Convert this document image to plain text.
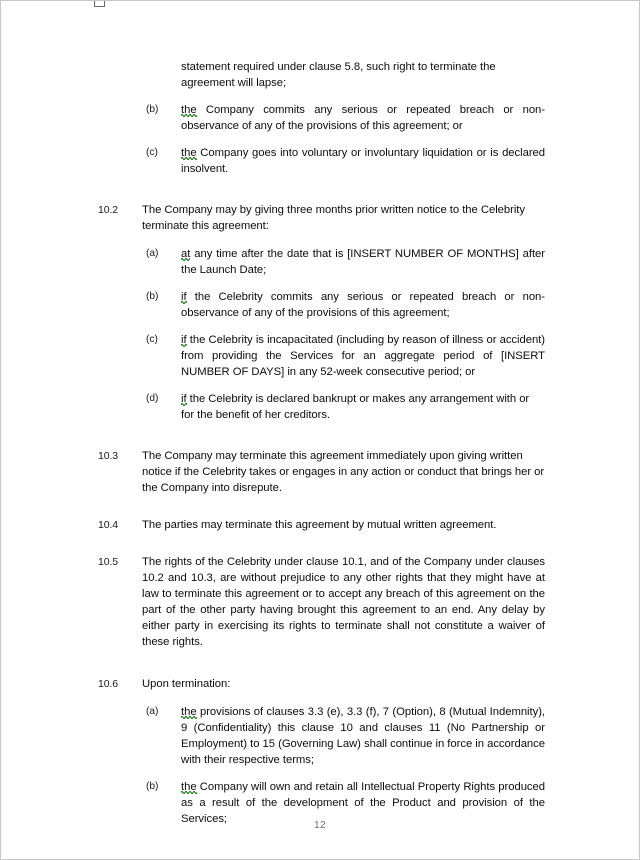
statement required under clause 5.8, such right to terminate the agreement will lapse;
(b)	the Company commits any serious or repeated breach or non-observance of any of the provisions of this agreement; or
(c)	the Company goes into voluntary or involuntary liquidation or is declared insolvent.
10.2	The Company may by giving three months prior written notice to the Celebrity terminate this agreement:
(a)	at any time after the date that is [INSERT NUMBER OF MONTHS] after the Launch Date;
(b)	if the Celebrity commits any serious or repeated breach or non-observance of any of the provisions of this agreement;
(c)	if the Celebrity is incapacitated (including by reason of illness or accident) from providing the Services for an aggregate period of [INSERT NUMBER OF DAYS] in any 52-week consecutive period; or
(d)	if the Celebrity is declared bankrupt or makes any arrangement with or for the benefit of her creditors.
10.3	The Company may terminate this agreement immediately upon giving written notice if the Celebrity takes or engages in any action or conduct that brings her or the Company into disrepute.
10.4	The parties may terminate this agreement by mutual written agreement.
10.5	The rights of the Celebrity under clause 10.1, and of the Company under clauses 10.2 and 10.3, are without prejudice to any other rights that they might have at law to terminate this agreement or to accept any breach of this agreement on the part of the other party having brought this agreement to an end. Any delay by either party in exercising its rights to terminate shall not constitute a waiver of these rights.
10.6	Upon termination:
(a)	the provisions of clauses 3.3 (e), 3.3 (f), 7 (Option), 8 (Mutual Indemnity), 9 (Confidentiality) this clause 10 and clauses 11 (No Partnership or Employment) to 15 (Governing Law) shall continue in force in accordance with their respective terms;
(b)	the Company will own and retain all Intellectual Property Rights produced as a result of the development of the Product and provision of the Services;
12
